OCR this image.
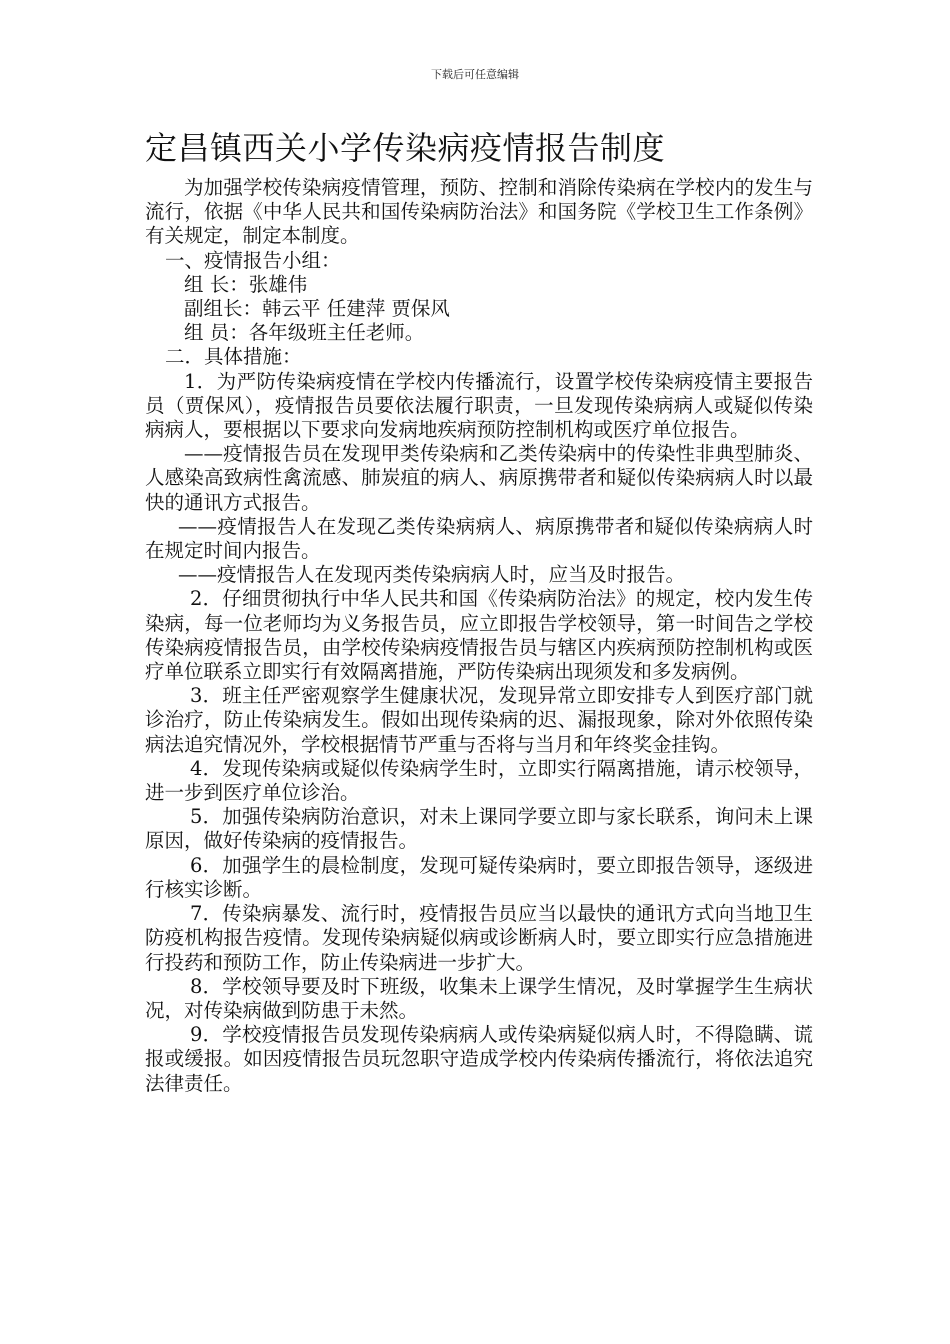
下载后可任意编辑
定昌镇西关小学传染病疫情报告制度

为加强学校传染病疫情管理，预防、控制和消除传染病在学校内的发生与流行，依据《中华人民共和国传染病防治法》和国务院《学校卫生工作条例》有关规定，制定本制度。

一、疫情报告小组：

组 长：张雄伟

副组长：韩云平 任建萍 贾保风

组 员：各年级班主任老师。

二．具体措施：

1．为严防传染病疫情在学校内传播流行，设置学校传染病疫情主要报告员（贾保风），疫情报告员要依法履行职责，一旦发现传染病病人或疑似传染病病人，要根据以下要求向发病地疾病预防控制机构或医疗单位报告。

——疫情报告员在发现甲类传染病和乙类传染病中的传染性非典型肺炎、人感染高致病性禽流感、肺炭疽的病人、病原携带者和疑似传染病病人时以最快的通讯方式报告。

——疫情报告人在发现乙类传染病病人、病原携带者和疑似传染病病人时在规定时间内报告。

——疫情报告人在发现丙类传染病病人时，应当及时报告。

2．仔细贯彻执行中华人民共和国《传染病防治法》的规定，校内发生传染病，每一位老师均为义务报告员，应立即报告学校领导，第一时间告之学校传染病疫情报告员，由学校传染病疫情报告员与辖区内疾病预防控制机构或医疗单位联系立即实行有效隔离措施，严防传染病出现须发和多发病例。

3．班主任严密观察学生健康状况，发现异常立即安排专人到医疗部门就诊治疗，防止传染病发生。假如出现传染病的迟、漏报现象，除对外依照传染病法追究情况外，学校根据情节严重与否将与当月和年终奖金挂钩。

4．发现传染病或疑似传染病学生时，立即实行隔离措施，请示校领导，进一步到医疗单位诊治。

5．加强传染病防治意识，对未上课同学要立即与家长联系，询问未上课原因，做好传染病的疫情报告。

6．加强学生的晨检制度，发现可疑传染病时，要立即报告领导，逐级进行核实诊断。

7．传染病暴发、流行时，疫情报告员应当以最快的通讯方式向当地卫生防疫机构报告疫情。发现传染病疑似病或诊断病人时，要立即实行应急措施进行投药和预防工作，防止传染病进一步扩大。

8．学校领导要及时下班级，收集未上课学生情况，及时掌握学生生病状况，对传染病做到防患于未然。

9．学校疫情报告员发现传染病病人或传染病疑似病人时，不得隐瞒、谎报或缓报。如因疫情报告员玩忽职守造成学校内传染病传播流行，将依法追究法律责任。
